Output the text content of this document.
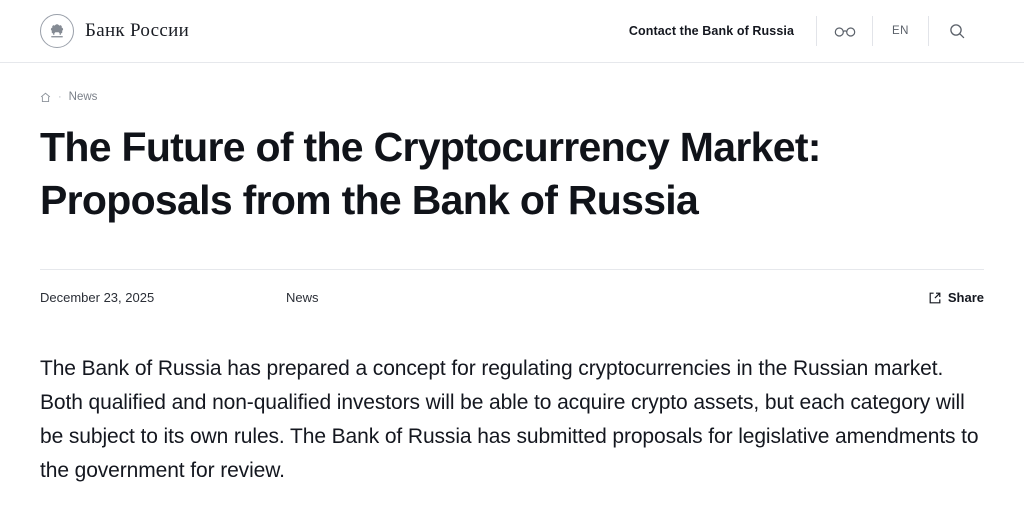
Банк России	Contact the Bank of Russia	EN
· News
The Future of the Cryptocurrency Market: Proposals from the Bank of Russia
December 23, 2025	News	Share

The Bank of Russia has prepared a concept for regulating cryptocurrencies in the Russian market. Both qualified and non-qualified investors will be able to acquire crypto assets, but each category will be subject to its own rules. The Bank of Russia has submitted proposals for legislative amendments to the government for review.
